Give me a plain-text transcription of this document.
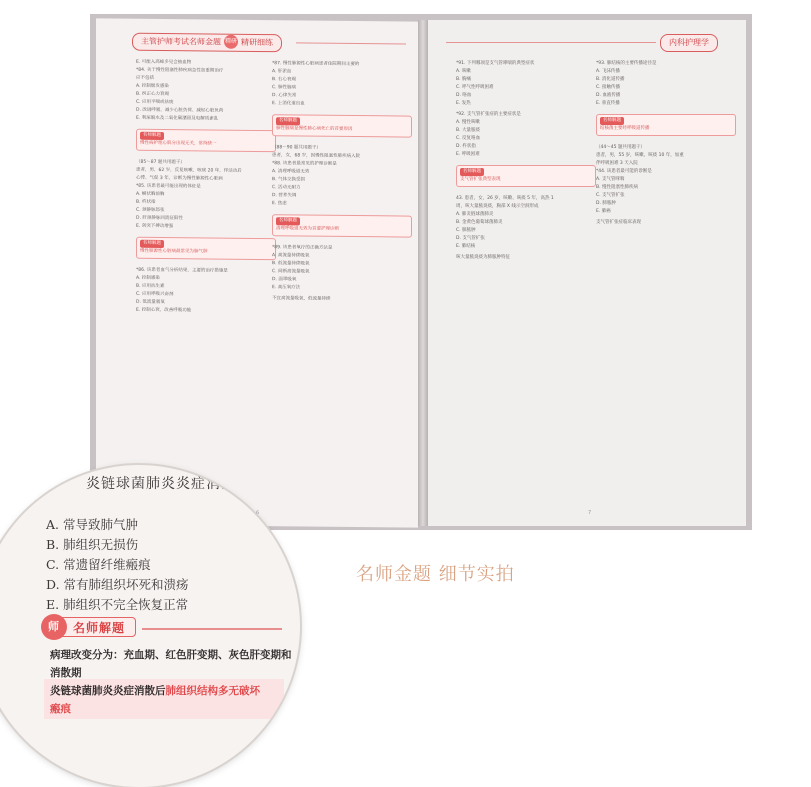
主管护师考试名师金题 精研 精研细练
E. 可能入高峰多见会抽血物
*84. 关于慢性阻塞性肺疾病急性加重期治疗
应不包括
A. 控制继发感染
B. 纠正心力衰竭
C. 应用平喘或祛痰
D. 改进呼吸，减少心脏负荷、减轻心脏负荷
E. 利尿脱水及二氧化碳潴留及电解质紊乱
名师解题
慢性病护理心肌分出现无关，常持续一
（85～87 题共用题干）
患者，男，62 岁，反复咳嗽、咳痰 20 年，伴活动后
心悸、气促 3 年，诊断为慢性肺源性心脏病
*85. 该患者最可能出现的体征是
A. 桶状胸前胸
B. 杵状指
C. 颈静脉怒张
D. 肝颈静脉回流征阳性
E. 剑突下搏动增强
名师解题
慢性肺源性心脏病最常见为肺气肿
*86. 该患者血气分析结果，主要的治疗措施是
A. 控制感染
B. 应用抗生素
C. 应用呼吸兴奋剂
D. 低流量吸氧
E. 控制心衰，改善呼吸功能
*87. 慢性肺源性心脏病患者住院期间主要的
A. 肝淤血
B. 右心衰竭
C. 肺性脑病
D. 心律失常
E. 上消化道出血
名师解题
肺性脑病是慢性肺心病死亡的首要原因
（88～90 题共用题干）
患者，女，68 岁，因慢性阻塞性肺疾病入院
*88. 该患者最常见的护理诊断是
A. 清理呼吸道无效
B. 气体交换受损
C. 活动无耐力
D. 营养失调
E. 焦虑
名师解题
清理呼吸道无效为首要护理诊断
*89. 该患者氧疗的正确方法是
A. 高流量持续吸氧
B. 低流量持续吸氧
C. 间断高流量吸氧
D. 面罩吸氧
E. 高压氧疗法
不宜高流量吸氧，低流量持续
6
内科护理学
*91. 下列哪项是支气管哮喘的典型症状
A. 咳嗽
B. 胸痛
C. 呼气性呼吸困难
D. 咯血
E. 发热
*92. 支气管扩张症的主要症状是
A. 慢性咳嗽
B. 大量脓痰
C. 反复咯血
D. 杵状指
E. 呼吸困难
名师解题
支气管扩张典型表现
43. 患者，女，26 岁，咳嗽、咳痰 5 年，高热 1
周，咳大量脓臭痰，胸部 X 线示空洞形成
A. 肺炎链球菌肺炎
B. 金黄色葡萄球菌肺炎
C. 肺脓肿
D. 支气管扩张
E. 肺结核
咳大量脓臭痰为肺脓肿特征
*93. 肺结核的主要传播途径是
A. 飞沫传播
B. 消化道传播
C. 接触传播
D. 血液传播
E. 垂直传播
名师解题
结核菌主要经呼吸道传播
（44～45 题共用题干）
患者，男，55 岁，咳嗽、咳痰 10 年，加重
伴呼吸困难 3 天入院
*44. 该患者最可能的诊断是
A. 支气管哮喘
B. 慢性阻塞性肺疾病
C. 支气管扩张
D. 肺脓肿
E. 肺癌
支气管扩张症临床表现
7
炎链球菌肺炎炎症消散后
A. 常导致肺气肿
B. 肺组织无损伤
C. 常遗留纤维瘢痕
D. 常有肺组织坏死和溃疡
E. 肺组织不完全恢复正常
师	名师解题
病理改变分为：充血期、红色肝变期、灰色肝变期和
消散期
炎链球菌肺炎炎症消散后肺组织结构多无破坏
瘢痕
名师金题 细节实拍
